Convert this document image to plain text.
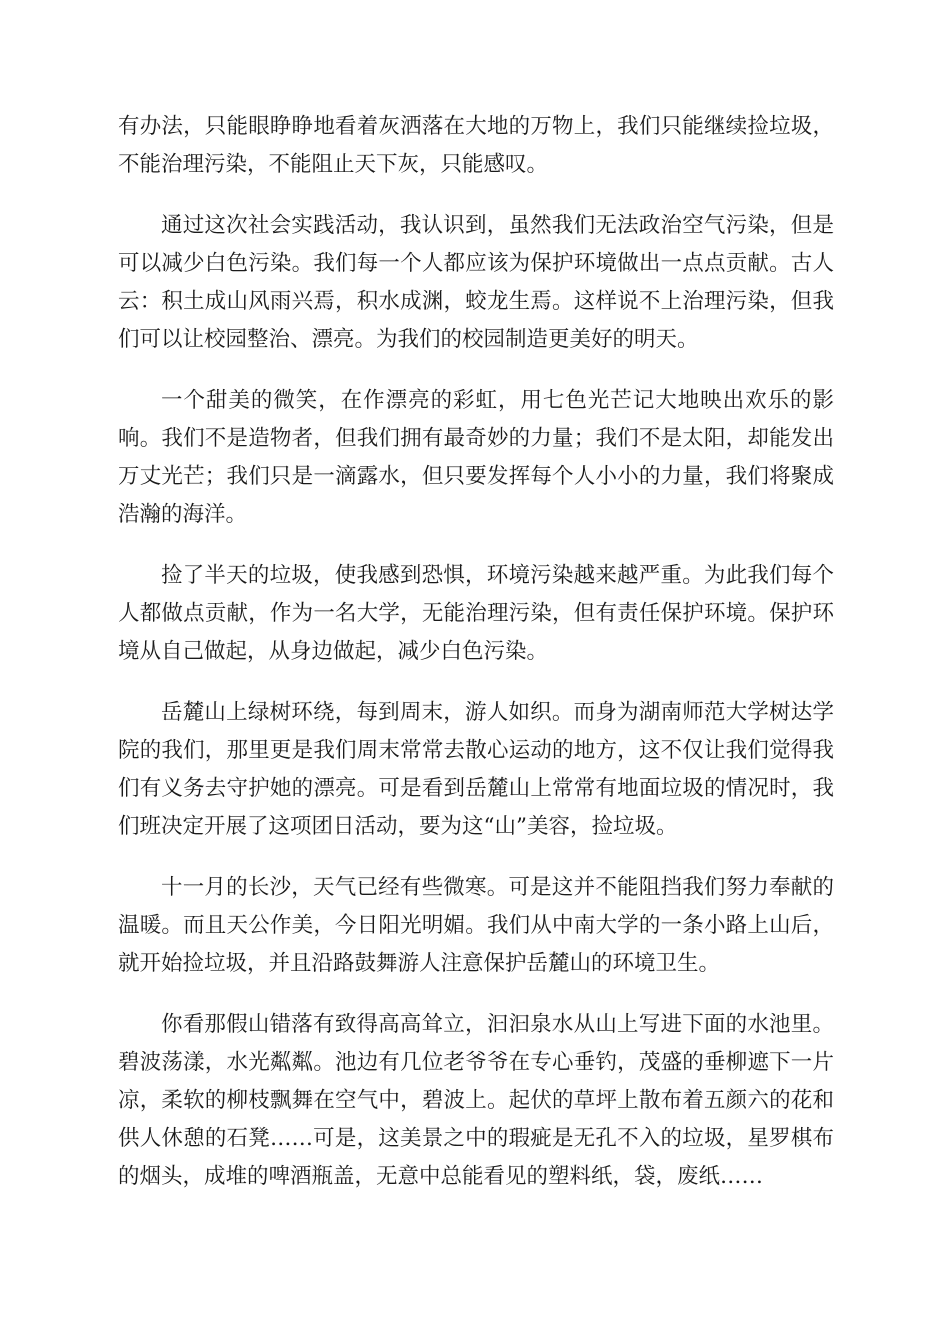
有办法，只能眼睁睁地看着灰洒落在大地的万物上，我们只能继续捡垃圾，不能治理污染，不能阻止天下灰，只能感叹。

通过这次社会实践活动，我认识到，虽然我们无法政治空气污染，但是可以减少白色污染。我们每一个人都应该为保护环境做出一点点贡献。古人云：积土成山风雨兴焉，积水成渊，蛟龙生焉。这样说不上治理污染，但我们可以让校园整治、漂亮。为我们的校园制造更美好的明天。

一个甜美的微笑，在作漂亮的彩虹，用七色光芒记大地映出欢乐的影响。我们不是造物者，但我们拥有最奇妙的力量；我们不是太阳，却能发出万丈光芒；我们只是一滴露水，但只要发挥每个人小小的力量，我们将聚成浩瀚的海洋。

捡了半天的垃圾，使我感到恐惧，环境污染越来越严重。为此我们每个人都做点贡献，作为一名大学，无能治理污染，但有责任保护环境。保护环境从自己做起，从身边做起，减少白色污染。

岳麓山上绿树环绕，每到周末，游人如织。而身为湖南师范大学树达学院的我们，那里更是我们周末常常去散心运动的地方，这不仅让我们觉得我们有义务去守护她的漂亮。可是看到岳麓山上常常有地面垃圾的情况时，我们班决定开展了这项团日活动，要为这“山”美容，捡垃圾。

十一月的长沙，天气已经有些微寒。可是这并不能阻挡我们努力奉献的温暖。而且天公作美，今日阳光明媚。我们从中南大学的一条小路上山后，就开始捡垃圾，并且沿路鼓舞游人注意保护岳麓山的环境卫生。

你看那假山错落有致得高高耸立，汩汩泉水从山上写进下面的水池里。碧波荡漾，水光粼粼。池边有几位老爷爷在专心垂钓，茂盛的垂柳遮下一片凉，柔软的柳枝飘舞在空气中，碧波上。起伏的草坪上散布着五颜六的花和供人休憩的石凳……可是，这美景之中的瑕疵是无孔不入的垃圾，星罗棋布的烟头，成堆的啤酒瓶盖，无意中总能看见的塑料纸，袋，废纸……
